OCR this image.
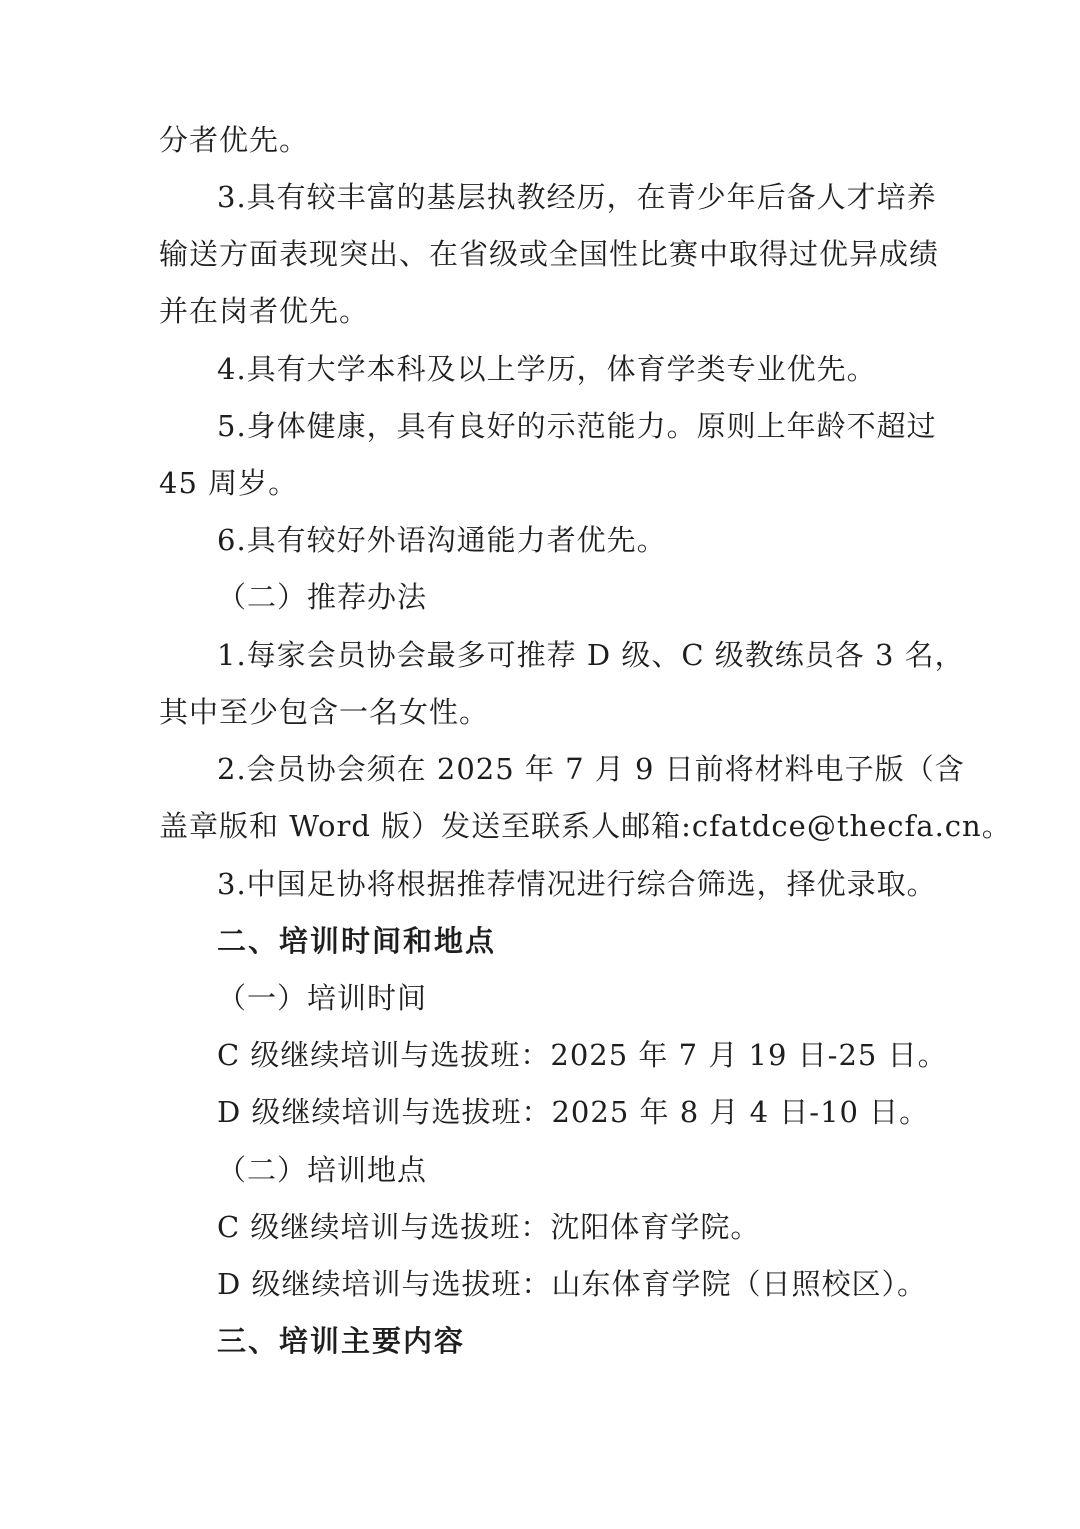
分者优先。
3.具有较丰富的基层执教经历，在青少年后备人才培养
输送方面表现突出、在省级或全国性比赛中取得过优异成绩
并在岗者优先。
4.具有大学本科及以上学历，体育学类专业优先。
5.身体健康，具有良好的示范能力。原则上年龄不超过
45 周岁。
6.具有较好外语沟通能力者优先。
（二）推荐办法
1.每家会员协会最多可推荐 D 级、C 级教练员各 3 名，
其中至少包含一名女性。
2.会员协会须在 2025 年 7 月 9 日前将材料电子版（含
盖章版和 Word 版）发送至联系人邮箱:cfatdce@thecfa.cn。
3.中国足协将根据推荐情况进行综合筛选，择优录取。
二、培训时间和地点
（一）培训时间
C 级继续培训与选拔班：2025 年 7 月 19 日-25 日。
D 级继续培训与选拔班：2025 年 8 月 4 日-10 日。
（二）培训地点
C 级继续培训与选拔班：沈阳体育学院。
D 级继续培训与选拔班：山东体育学院（日照校区）。
三、培训主要内容
